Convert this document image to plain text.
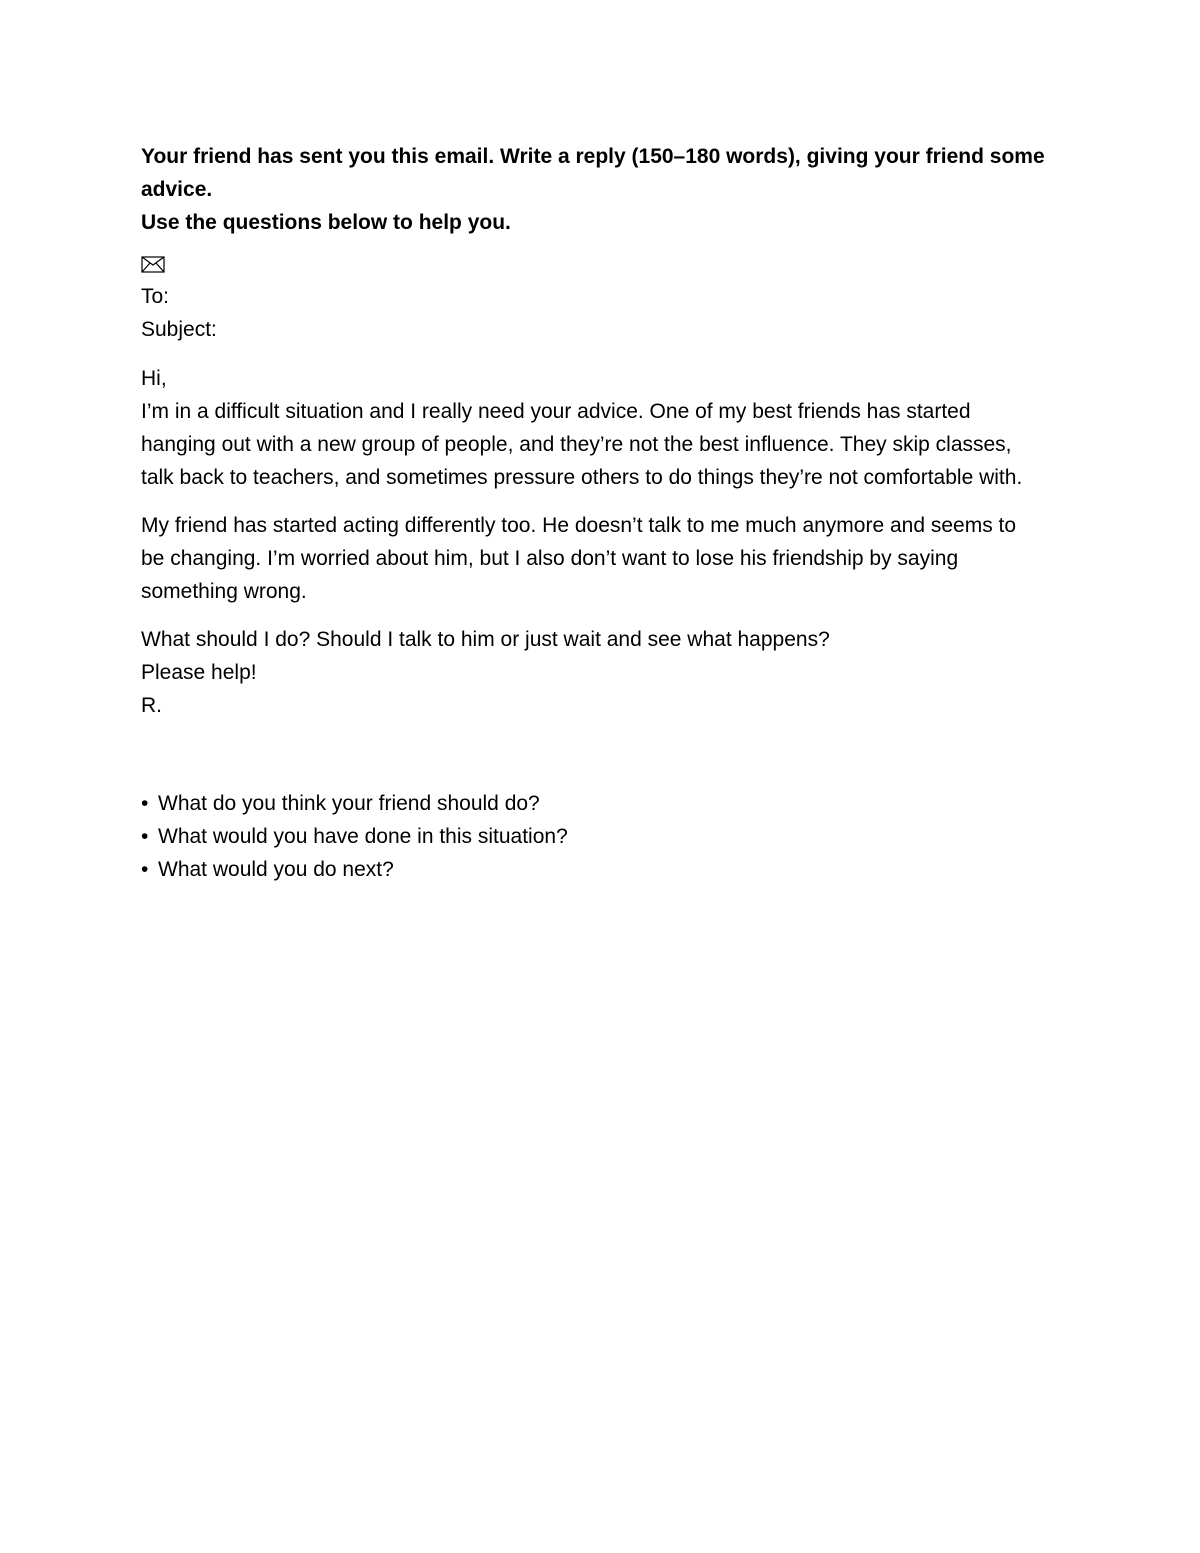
Your friend has sent you this email. Write a reply (150–180 words), giving your friend some
advice.
Use the questions below to help you.
To:
Subject:
Hi,
I’m in a difficult situation and I really need your advice. One of my best friends has started
hanging out with a new group of people, and they’re not the best influence. They skip classes,
talk back to teachers, and sometimes pressure others to do things they’re not comfortable with.
My friend has started acting differently too. He doesn’t talk to me much anymore and seems to
be changing. I’m worried about him, but I also don’t want to lose his friendship by saying
something wrong.
What should I do? Should I talk to him or just wait and see what happens?
Please help!
R.
• What do you think your friend should do?
• What would you have done in this situation?
• What would you do next?
